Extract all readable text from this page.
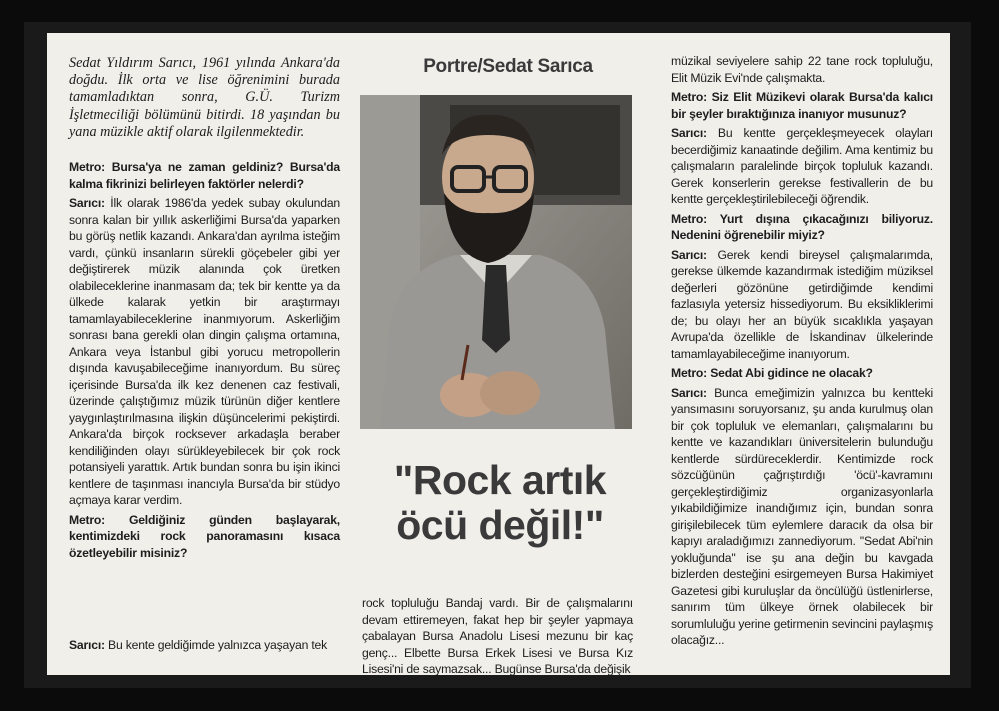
Sedat Yıldırım Sarıcı, 1961 yılında Ankara'da doğdu. İlk orta ve lise öğrenimini burada tamamladıktan sonra, G.Ü. Turizm İşletmeciliği bölümünü bitirdi. 18 yaşından bu yana müzikle aktif olarak ilgilenmektedir.

Metro: Bursa'ya ne zaman geldiniz? Bursa'da kalma fikrinizi belirleyen faktörler nelerdi?

Sarıcı: İlk olarak 1986'da yedek subay okulundan sonra kalan bir yıllık askerliğimi Bursa'da yaparken bu görüş netlik kazandı. Ankara'dan ayrılma isteğim vardı, çünkü insanların sürekli göçebeler gibi yer değiştirerek müzik alanında çok üretken olabileceklerine inanmasam da; tek bir kentte ya da ülkede kalarak yetkin bir araştırmayı tamamlayabileceklerine inanmıyorum. Askerliğim sonrası bana gerekli olan dingin çalışma ortamına, Ankara veya İstanbul gibi yorucu metropollerin dışında kavuşabileceğime inanıyordum. Bu süreç içerisinde Bursa'da ilk kez denenen caz festivali, üzerinde çalıştığımız müzik türünün diğer kentlere yaygınlaştırılmasına ilişkin düşüncelerimi pekiştirdi. Ankara'da birçok rocksever arkadaşla beraber kendiliğinden olayı sürükleyebilecek bir çok rock potansiyeli yarattık. Artık bundan sonra bu işin ikinci kentlere de taşınması inancıyla Bursa'da bir stüdyo açmaya karar verdim.

Metro: Geldiğiniz günden başlayarak, kentimizdeki rock panoramasını kısaca özetleyebilir misiniz?

Sarıcı: Bu kente geldiğimde yalnızca yaşayan tek
Portre/Sedat Sarıca
"Rock artık
öcü değil!"
rock topluluğu Bandaj vardı. Bir de çalışmalarını devam ettiremeyen, fakat hep bir şeyler yapmaya çabalayan Bursa Anadolu Lisesi mezunu bir kaç genç... Elbette Bursa Erkek Lisesi ve Bursa Kız Lisesi'ni de saymazsak... Bugünse Bursa'da değişik

müzikal seviyelere sahip 22 tane rock topluluğu, Elit Müzik Evi'nde çalışmakta.

Metro: Siz Elit Müzikevi olarak Bursa'da kalıcı bir şeyler bıraktığınıza inanıyor musunuz?

Sarıcı: Bu kentte gerçekleşmeyecek olayları becerdiğimiz kanaatinde değilim. Ama kentimiz bu çalışmaların paralelinde birçok topluluk kazandı. Gerek konserlerin gerekse festivallerin de bu kentte gerçekleştirilebileceği öğrendik.

Metro: Yurt dışına çıkacağınızı biliyoruz. Nedenini öğrenebilir miyiz?

Sarıcı: Gerek kendi bireysel çalışmalarımda, gerekse ülkemde kazandırmak istediğim müziksel değerleri gözönüne getirdiğimde kendimi fazlasıyla yetersiz hissediyorum. Bu eksikliklerimi de; bu olayı her an büyük sıcaklıkla yaşayan Avrupa'da özellikle de İskandinav ülkelerinde tamamlayabileceğime inanıyorum.

Metro: Sedat Abi gidince ne olacak?

Sarıcı: Bunca emeğimizin yalnızca bu kentteki yansımasını soruyorsanız, şu anda kurulmuş olan bir çok topluluk ve elemanları, çalışmalarını bu kentte ve kazandıkları üniversitelerin bulunduğu kentlerde sürdüreceklerdir. Kentimizde rock sözcüğünün çağrıştırdığı 'öcü'-kavramını gerçekleştirdiğimiz organizasyonlarla yıkabildiğimize inandığımız için, bundan sonra girişilebilecek tüm eylemlere daracık da olsa bir kapıyı araladığımızı zannediyorum. ''Sedat Abi'nin yokluğunda'' ise şu ana değin bu kavgada bizlerden desteğini esirgemeyen Bursa Hakimiyet Gazetesi gibi kuruluşlar da öncülüğü üstlenirlerse, sanırım tüm ülkeye örnek olabilecek bir sorumluluğu yerine getirmenin sevincini paylaşmış olacağız...
